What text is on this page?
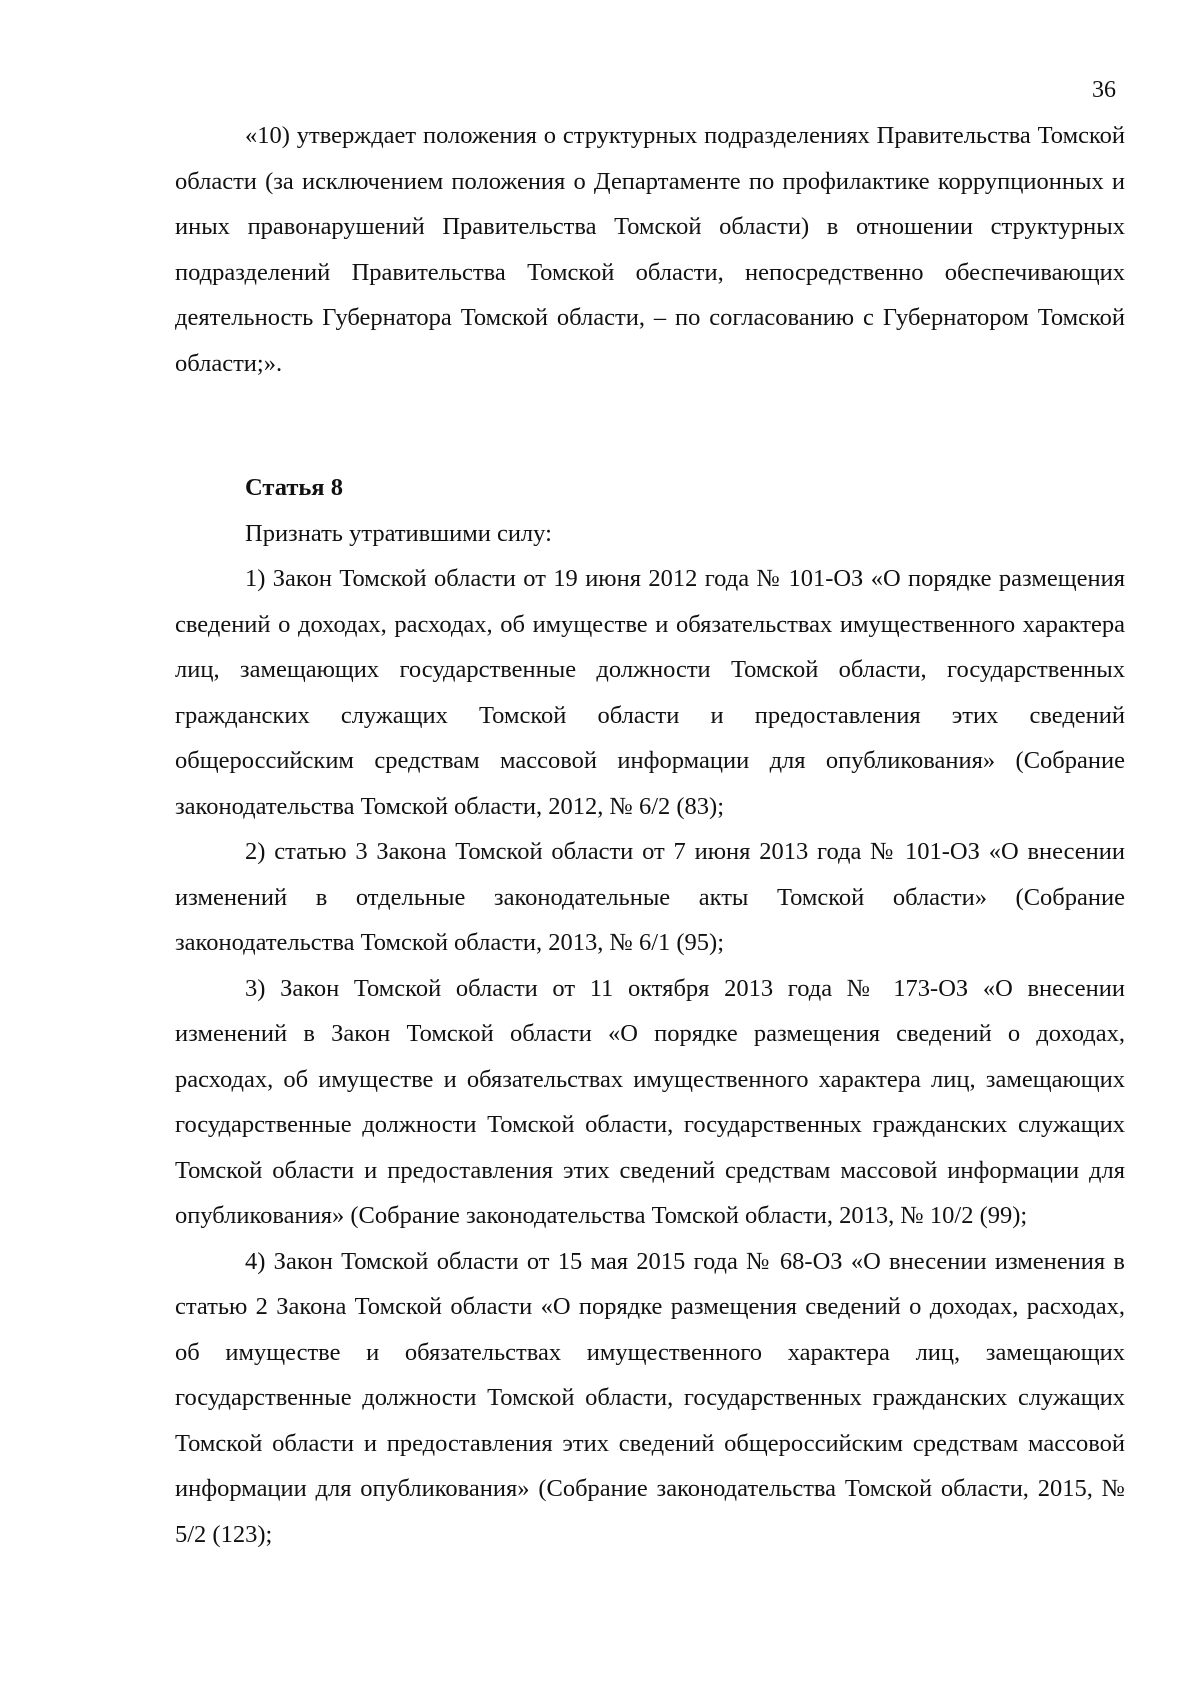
36

«10) утверждает положения о структурных подразделениях Правительства Томской области (за исключением положения о Департаменте по профилактике коррупционных и иных правонарушений Правительства Томской области) в отношении структурных подразделений Правительства Томской области, непосредственно обеспечивающих деятельность Губернатора Томской области, – по согласованию с Губернатором Томской области;».

Статья 8

Признать утратившими силу:

1) Закон Томской области от 19 июня 2012 года № 101-ОЗ «О порядке размещения сведений о доходах, расходах, об имуществе и обязательствах имущественного характера лиц, замещающих государственные должности Томской области, государственных гражданских служащих Томской области и предоставления этих сведений общероссийским средствам массовой информации для опубликования» (Собрание законодательства Томской области, 2012, № 6/2 (83);

2) статью 3 Закона Томской области от 7 июня 2013 года № 101-ОЗ «О внесении изменений в отдельные законодательные акты Томской области» (Собрание законодательства Томской области, 2013, № 6/1 (95);

3) Закон Томской области от 11 октября 2013 года № 173-ОЗ «О внесении изменений в Закон Томской области «О порядке размещения сведений о доходах, расходах, об имуществе и обязательствах имущественного характера лиц, замещающих государственные должности Томской области, государственных гражданских служащих Томской области и предоставления этих сведений средствам массовой информации для опубликования» (Собрание законодательства Томской области, 2013, № 10/2 (99);

4) Закон Томской области от 15 мая 2015 года № 68-ОЗ «О внесении изменения в статью 2 Закона Томской области «О порядке размещения сведений о доходах, расходах, об имуществе и обязательствах имущественного характера лиц, замещающих государственные должности Томской области, государственных гражданских служащих Томской области и предоставления этих сведений общероссийским средствам массовой информации для опубликования» (Собрание законодательства Томской области, 2015, № 5/2 (123);
